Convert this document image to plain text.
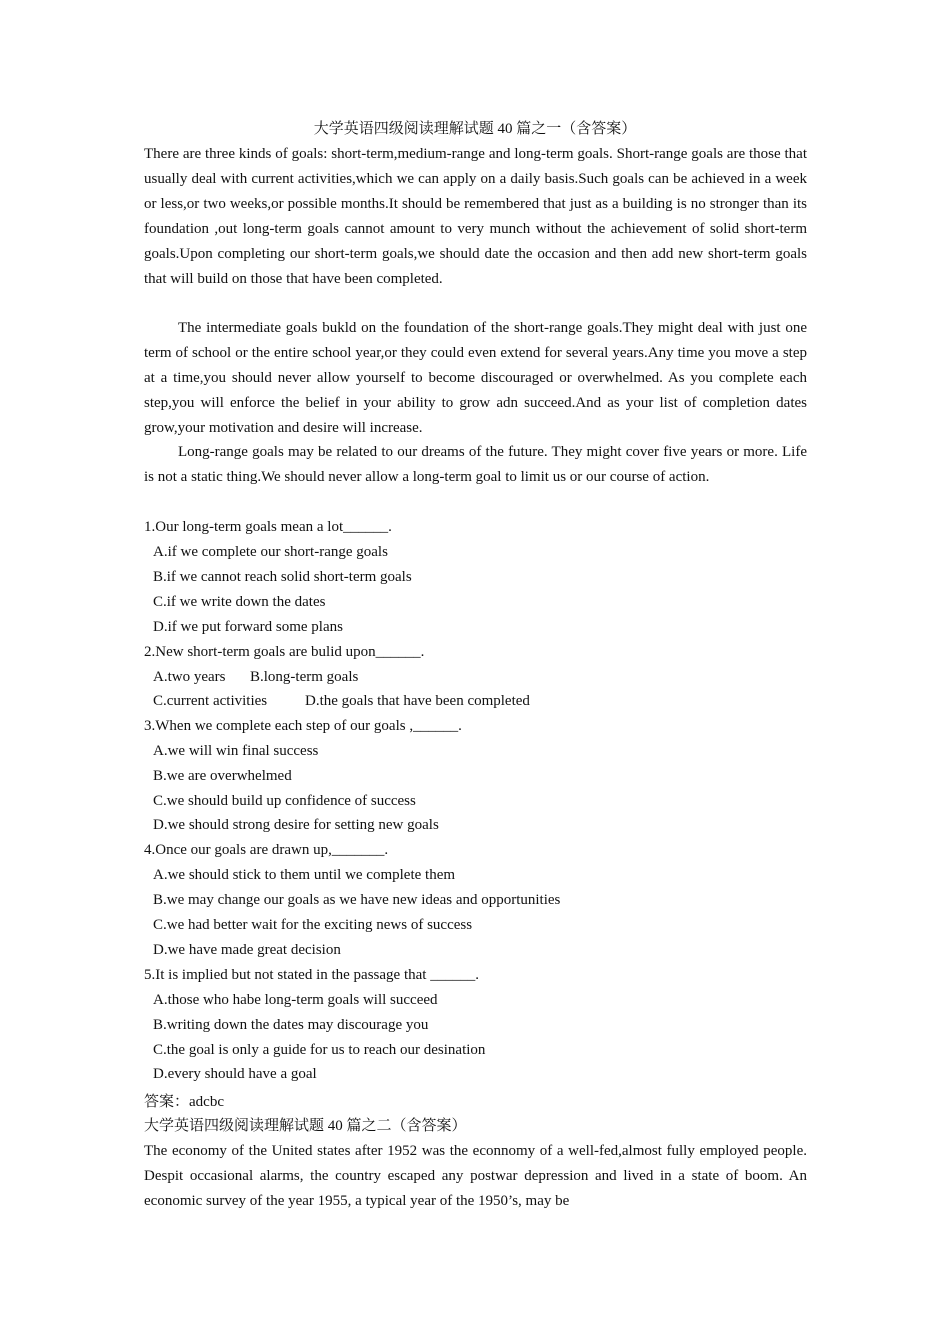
大学英语四级阅读理解试题 40 篇之一（含答案）

There are three kinds of goals: short-term,medium-range and long-term goals. Short-range goals are those that usually deal with current activities,which we can apply on a daily basis.Such goals can be achieved in a week or less,or two weeks,or possible months.It should be remembered that just as a building is no stronger than its foundation ,out long-term goals cannot amount to very munch without the achievement of solid short-term goals.Upon completing our short-term goals,we should date the occasion and then add new short-term goals that will build on those that have been completed.

The intermediate goals bukld on the foundation of the short-range goals.They might deal with just one term of school or the entire school year,or they could even extend for several years.Any time you move a step at a time,you should never allow yourself to become discouraged or overwhelmed. As you complete each step,you will enforce the belief in your ability to grow adn succeed.And as your list of completion dates grow,your motivation and desire will increase.

Long-range goals may be related to our dreams of the future. They might cover five years or more. Life is not a static thing.We should never allow a long-term goal to limit us or our course of action.

1.Our long-term goals mean a lot______.
A.if we complete our short-range goals
B.if we cannot reach solid short-term goals
C.if we write down the dates
D.if we put forward some plans
2.New short-term goals are bulid upon______.
A.two years B.long-term goals
C.current activities	D.the goals that have been completed
3.When we complete each step of our goals ,______.
A.we will win final success
B.we are overwhelmed
C.we should build up confidence of success
D.we should strong desire for setting new goals
4.Once our goals are drawn up,_______.
A.we should stick to them until we complete them
B.we may change our goals as we have new ideas and opportunities
C.we had better wait for the exciting news of success
D.we have made great decision
5.It is implied but not stated in the passage that ______.
A.those who habe long-term goals will succeed
B.writing down the dates may discourage you
C.the goal is only a guide for us to reach our desination
D.every should have a goal
答案：adcbc
大学英语四级阅读理解试题 40 篇之二（含答案）

The economy of the United states after 1952 was the econnomy of a well-fed,almost fully employed people. Despit occasional alarms, the country escaped any postwar depression and lived in a state of boom. An economic survey of the year 1955, a typical year of the 1950’s, may be
